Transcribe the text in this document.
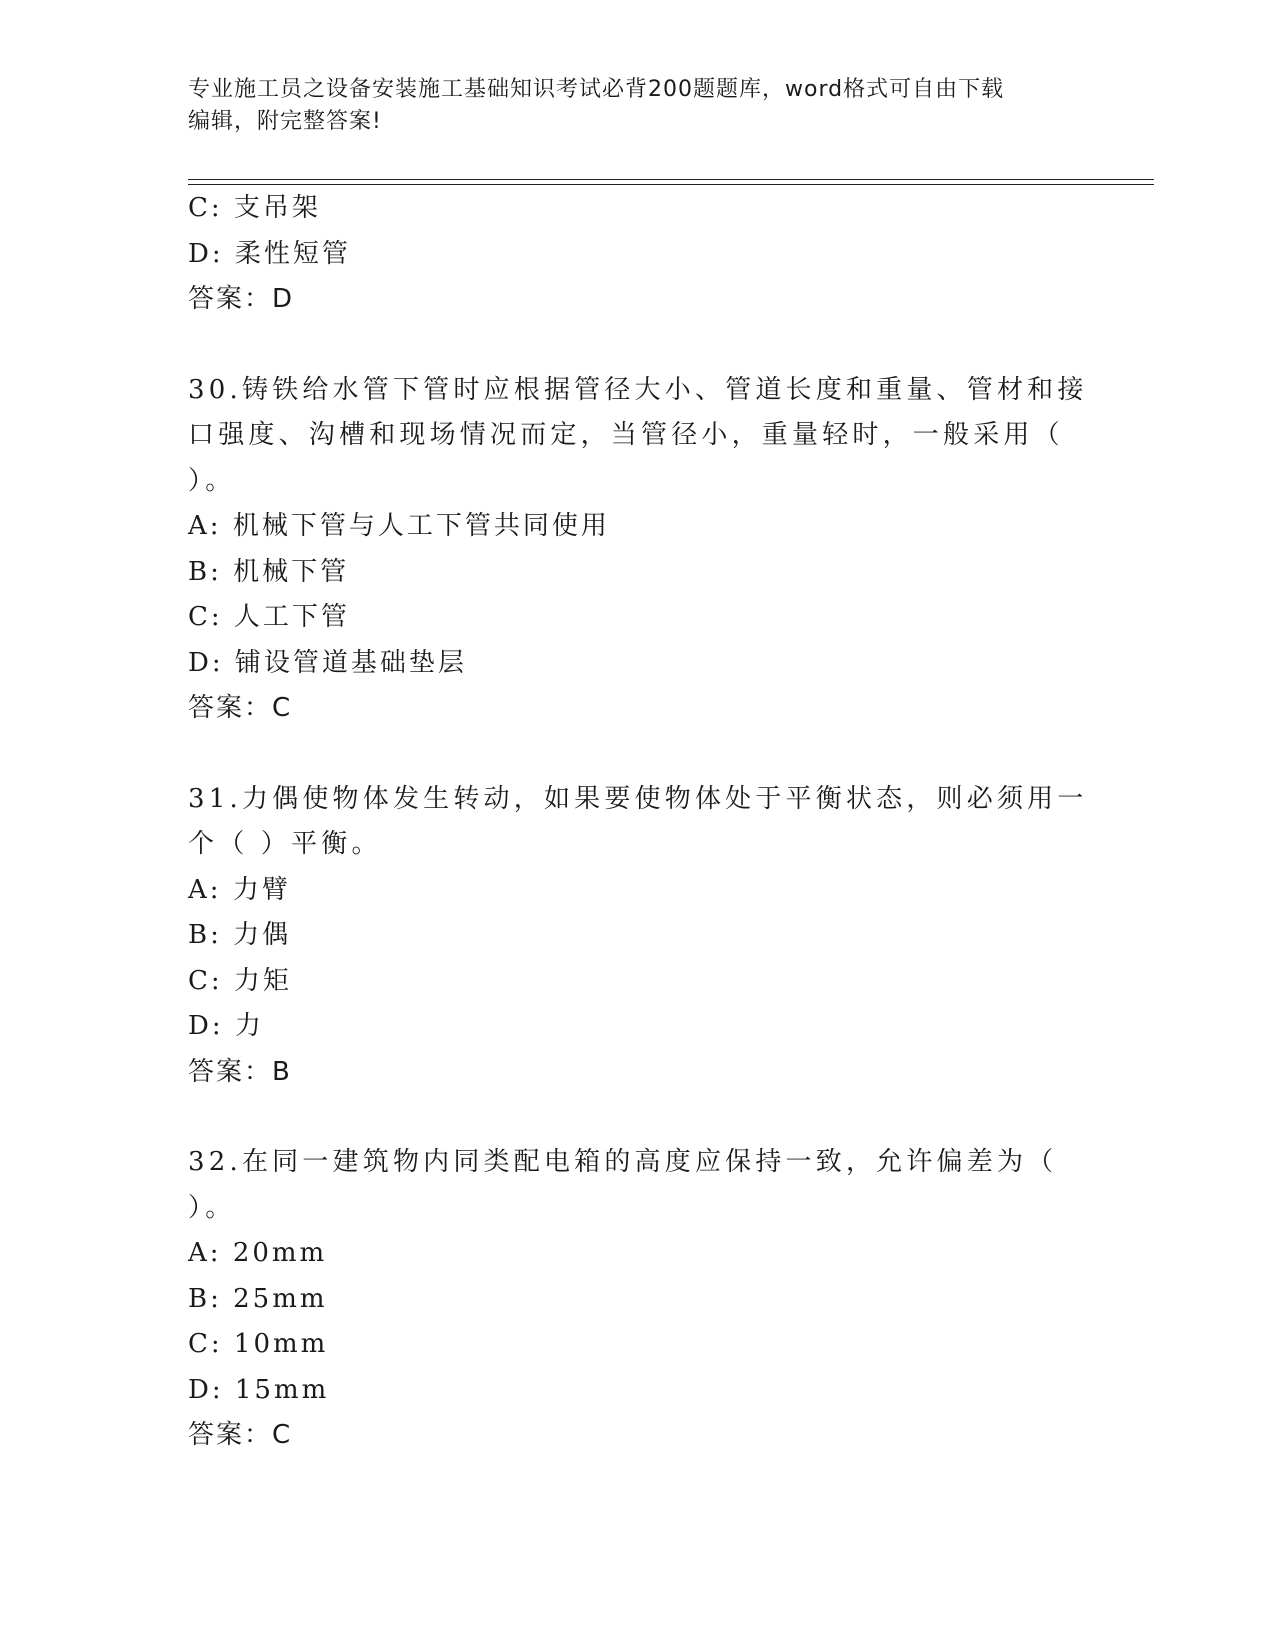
专业施工员之设备安装施工基础知识考试必背200题题库，word格式可自由下载
编辑，附完整答案!
C: 支吊架
D: 柔性短管
答案：D
30.铸铁给水管下管时应根据管径大小、管道长度和重量、管材和接口强度、沟槽和现场情况而定，当管径小，重量轻时，一般采用（ ）。
A: 机械下管与人工下管共同使用
B: 机械下管
C: 人工下管
D: 铺设管道基础垫层
答案：C
31.力偶使物体发生转动，如果要使物体处于平衡状态，则必须用一个（ ）平衡。
A: 力臂
B: 力偶
C: 力矩
D: 力
答案：B
32.在同一建筑物内同类配电箱的高度应保持一致，允许偏差为（ ）。
A: 20mm
B: 25mm
C: 10mm
D: 15mm
答案：C
